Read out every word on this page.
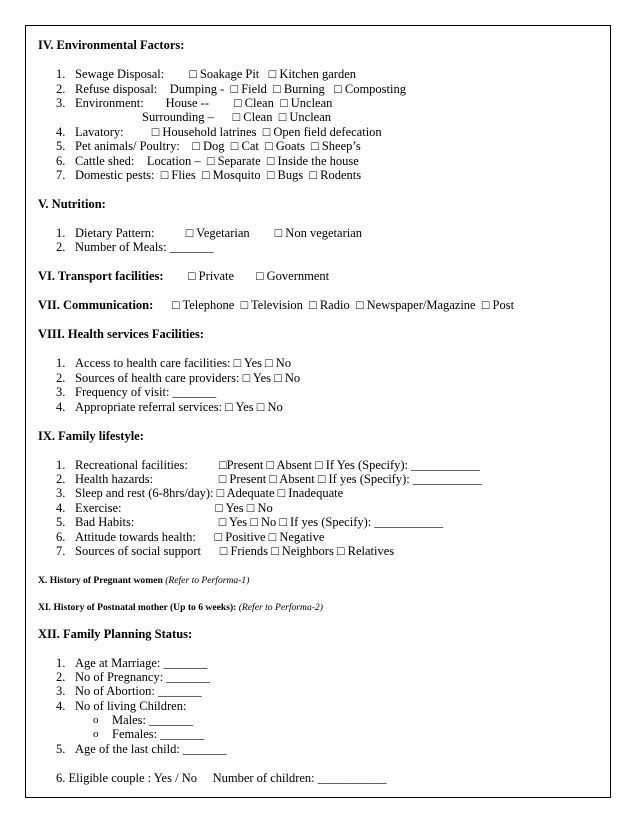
IV. Environmental Factors:
1. Sewage Disposal:        □ Soakage Pit   □ Kitchen garden
2. Refuse disposal:    Dumping -  □ Field  □ Burning   □ Composting
3. Environment:       House --        □ Clean  □ Unclean
Surrounding –      □ Clean  □ Unclean
4. Lavatory:         □ Household latrines  □ Open field defecation
5. Pet animals/ Poultry:    □ Dog  □ Cat  □ Goats  □ Sheep’s
6. Cattle shed:    Location –  □ Separate  □ Inside the house
7. Domestic pests:  □ Flies  □ Mosquito  □ Bugs  □ Rodents
V. Nutrition:
1. Dietary Pattern:          □ Vegetarian        □ Non vegetarian
2. Number of Meals: _______
VI. Transport facilities: □ Private       □ Government
VII. Communication: □ Telephone  □ Television  □ Radio  □ Newspaper/Magazine  □ Post
VIII. Health services Facilities:
1. Access to health care facilities: □ Yes □ No
2. Sources of health care providers: □ Yes □ No
3. Frequency of visit: _______
4. Appropriate referral services: □ Yes □ No
IX. Family lifestyle:
1. Recreational facilities:          □Present □ Absent □ If Yes (Specify): ___________
2. Health hazards:                     □ Present □ Absent □ If yes (Specify): ___________
3. Sleep and rest (6-8hrs/day): □ Adequate □ Inadequate
4. Exercise:                              □ Yes □ No
5. Bad Habits:                           □ Yes □ No □ If yes (Specify): ___________
6. Attitude towards health:      □ Positive □ Negative
7. Sources of social support      □ Friends □ Neighbors □ Relatives
X. History of Pregnant women (Refer to Performa-1)
XI. History of Postnatal mother (Up to 6 weeks): (Refer to Performa-2)
XII. Family Planning Status:
1. Age at Marriage: _______
2. No of Pregnancy: _______
3. No of Abortion: _______
4. No of living Children:
o Males: _______
o Females: _______
5. Age of the last child: _______
6. Eligible couple : Yes / No     Number of children: ___________
